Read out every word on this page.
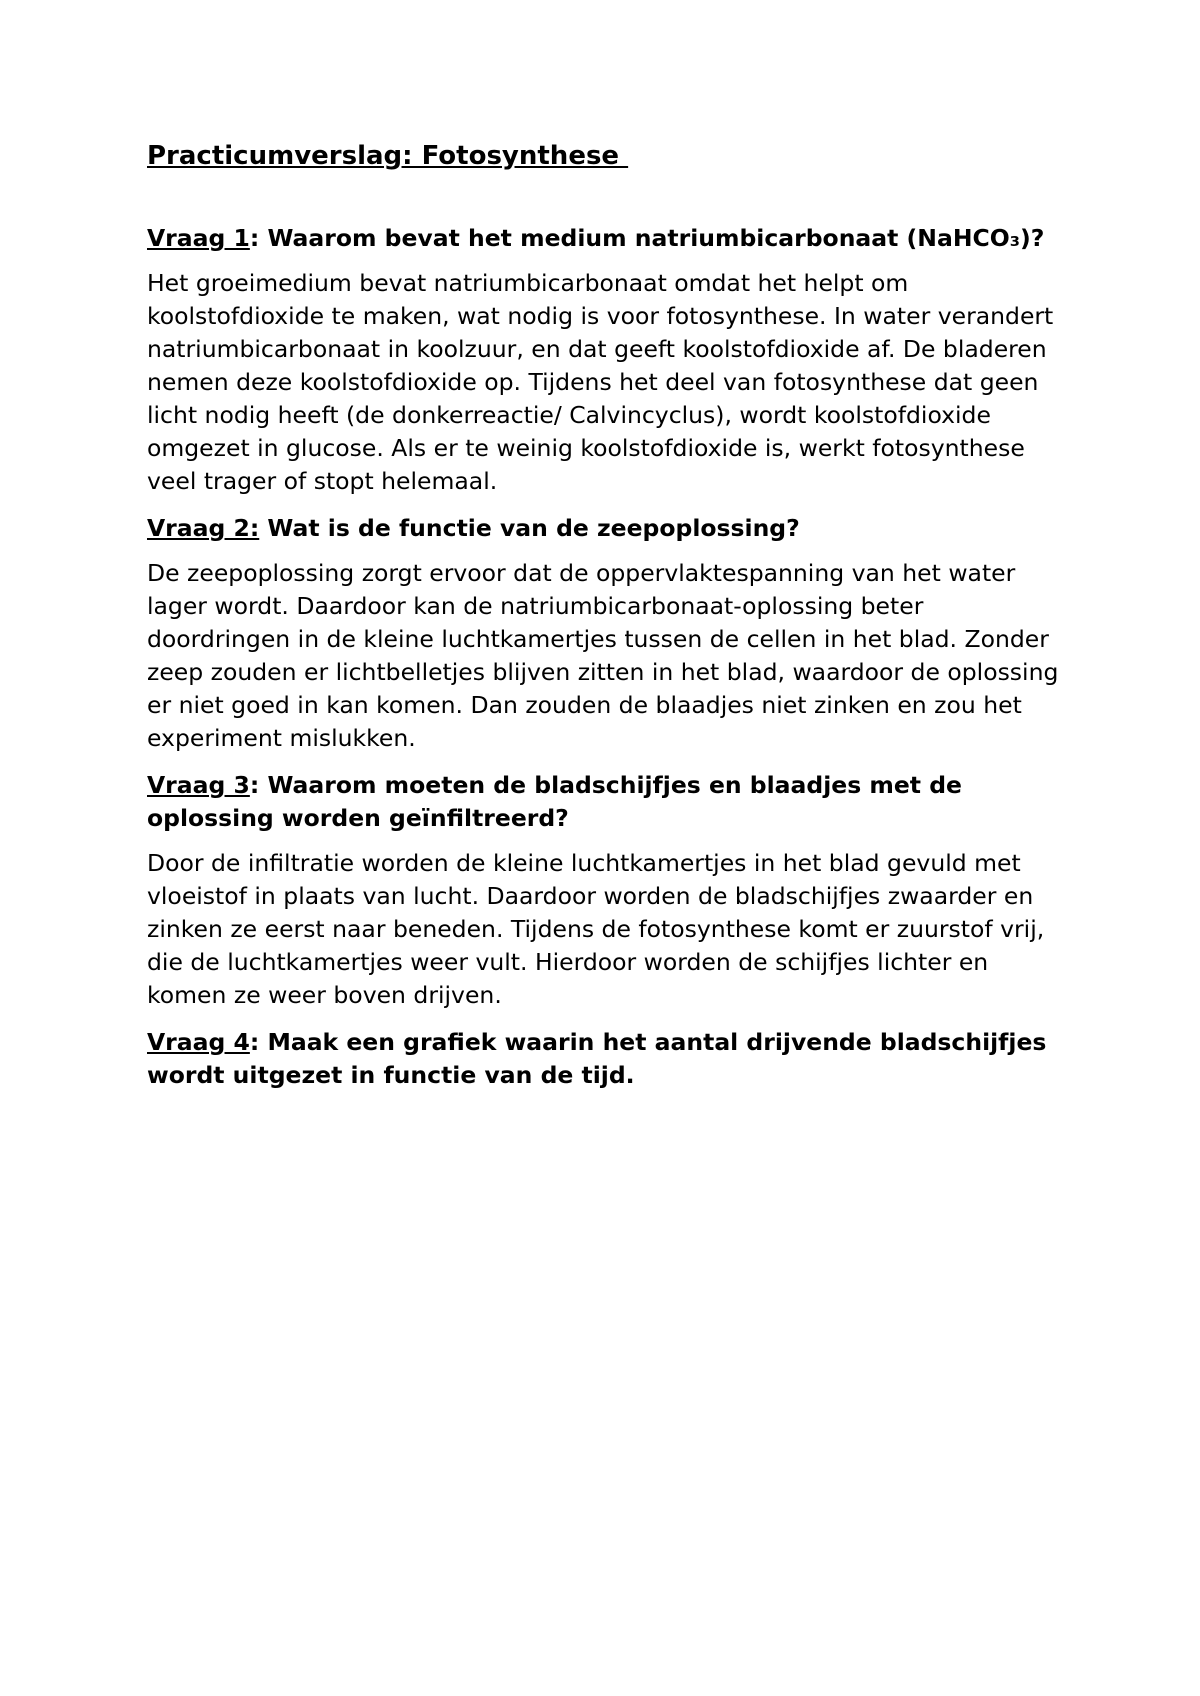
Practicumverslag: Fotosynthese

Vraag 1: Waarom bevat het medium natriumbicarbonaat (NaHCO₃)?

Het groeimedium bevat natriumbicarbonaat omdat het helpt om koolstofdioxide te maken, wat nodig is voor fotosynthese. In water verandert natriumbicarbonaat in koolzuur, en dat geeft koolstofdioxide af. De bladeren nemen deze koolstofdioxide op. Tijdens het deel van fotosynthese dat geen licht nodig heeft (de donkerreactie/ Calvincyclus), wordt koolstofdioxide omgezet in glucose. Als er te weinig koolstofdioxide is, werkt fotosynthese veel trager of stopt helemaal.

Vraag 2: Wat is de functie van de zeepoplossing?

De zeepoplossing zorgt ervoor dat de oppervlaktespanning van het water lager wordt. Daardoor kan de natriumbicarbonaat-oplossing beter doordringen in de kleine luchtkamertjes tussen de cellen in het blad. Zonder zeep zouden er lichtbelletjes blijven zitten in het blad, waardoor de oplossing er niet goed in kan komen. Dan zouden de blaadjes niet zinken en zou het experiment mislukken.

Vraag 3: Waarom moeten de bladschijfjes en blaadjes met de oplossing worden geïnfiltreerd?

Door de infiltratie worden de kleine luchtkamertjes in het blad gevuld met vloeistof in plaats van lucht. Daardoor worden de bladschijfjes zwaarder en zinken ze eerst naar beneden. Tijdens de fotosynthese komt er zuurstof vrij, die de luchtkamertjes weer vult. Hierdoor worden de schijfjes lichter en komen ze weer boven drijven.

Vraag 4: Maak een grafiek waarin het aantal drijvende bladschijfjes wordt uitgezet in functie van de tijd.
